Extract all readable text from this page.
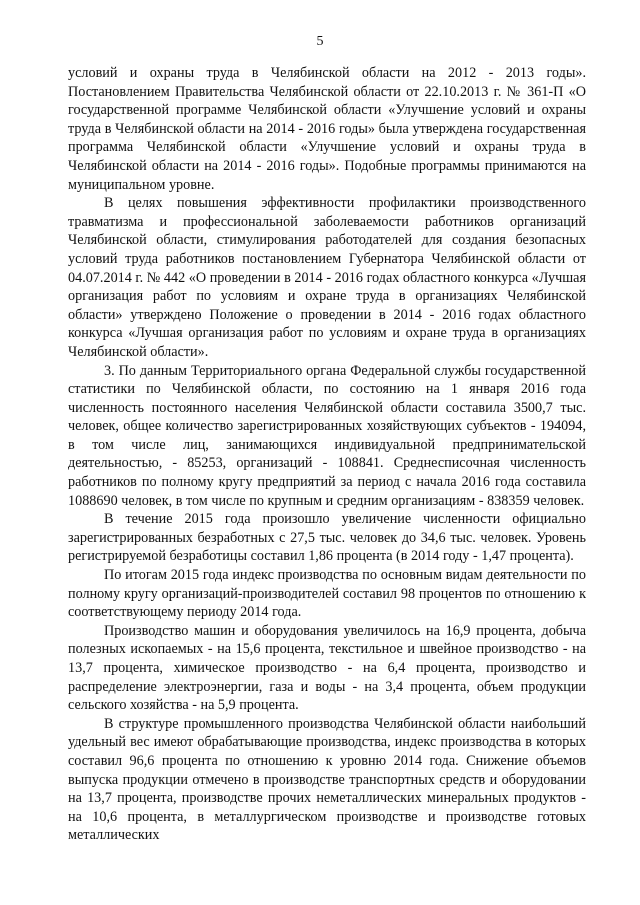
5

условий и охраны труда в Челябинской области на 2012 - 2013 годы». Постановлением Правительства Челябинской области от 22.10.2013 г. № 361-П «О государственной программе Челябинской области «Улучшение условий и охраны труда в Челябинской области на 2014 - 2016 годы» была утверждена государственная программа Челябинской области «Улучшение условий и охраны труда в Челябинской области на 2014 - 2016 годы». Подобные программы принимаются на муниципальном уровне.

В целях повышения эффективности профилактики производственного травматизма и профессиональной заболеваемости работников организаций Челябинской области, стимулирования работодателей для создания безопасных условий труда работников постановлением Губернатора Челябинской области от 04.07.2014 г. № 442 «О проведении в 2014 - 2016 годах областного конкурса «Лучшая организация работ по условиям и охране труда в организациях Челябинской области» утверждено Положение о проведении в 2014 - 2016 годах областного конкурса «Лучшая организация работ по условиям и охране труда в организациях Челябинской области».

3. По данным Территориального органа Федеральной службы государственной статистики по Челябинской области, по состоянию на 1 января 2016 года численность постоянного населения Челябинской области составила 3500,7 тыс. человек, общее количество зарегистрированных хозяйствующих субъектов - 194094, в том числе лиц, занимающихся индивидуальной предпринимательской деятельностью, - 85253, организаций - 108841. Среднесписочная численность работников по полному кругу предприятий за период с начала 2016 года составила 1088690 человек, в том числе по крупным и средним организациям - 838359 человек.

В течение 2015 года произошло увеличение численности официально зарегистрированных безработных с 27,5 тыс. человек до 34,6 тыс. человек. Уровень регистрируемой безработицы составил 1,86 процента (в 2014 году - 1,47 процента).

По итогам 2015 года индекс производства по основным видам деятельности по полному кругу организаций-производителей составил 98 процентов по отношению к соответствующему периоду 2014 года.

Производство машин и оборудования увеличилось на 16,9 процента, добыча полезных ископаемых - на 15,6 процента, текстильное и швейное производство - на 13,7 процента, химическое производство - на 6,4 процента, производство и распределение электроэнергии, газа и воды - на 3,4 процента, объем продукции сельского хозяйства - на 5,9 процента.

В структуре промышленного производства Челябинской области наибольший удельный вес имеют обрабатывающие производства, индекс производства в которых составил 96,6 процента по отношению к уровню 2014 года. Снижение объемов выпуска продукции отмечено в производстве транспортных средств и оборудовании на 13,7 процента, производстве прочих неметаллических минеральных продуктов - на 10,6 процента, в металлургическом производстве и производстве готовых металлических
